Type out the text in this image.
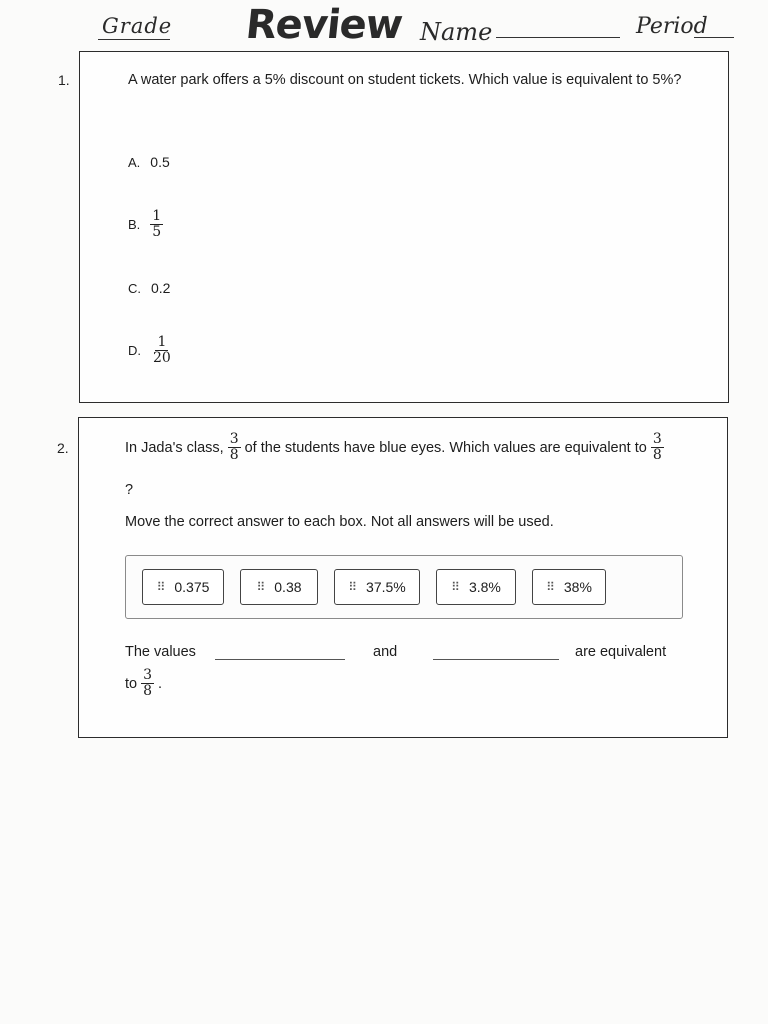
Grade Review Name	Period
1.	A water park offers a 5% discount on student tickets. Which value is equivalent to 5%?
A. 0.5
B. $\frac{1}{5}$
C. 0.2
D. $\frac{1}{20}$
2.	In Jada's class, $\frac{3}{8}$ of the students have blue eyes. Which values are equivalent to $\frac{3}{8}$
?
Move the correct answer to each box. Not all answers will be used.
⠿ 0.375	⠿ 0.38	⠿ 37.5%	⠿ 3.8%	⠿ 38%
The values	and	are equivalent
to $\frac{3}{8}$ .
